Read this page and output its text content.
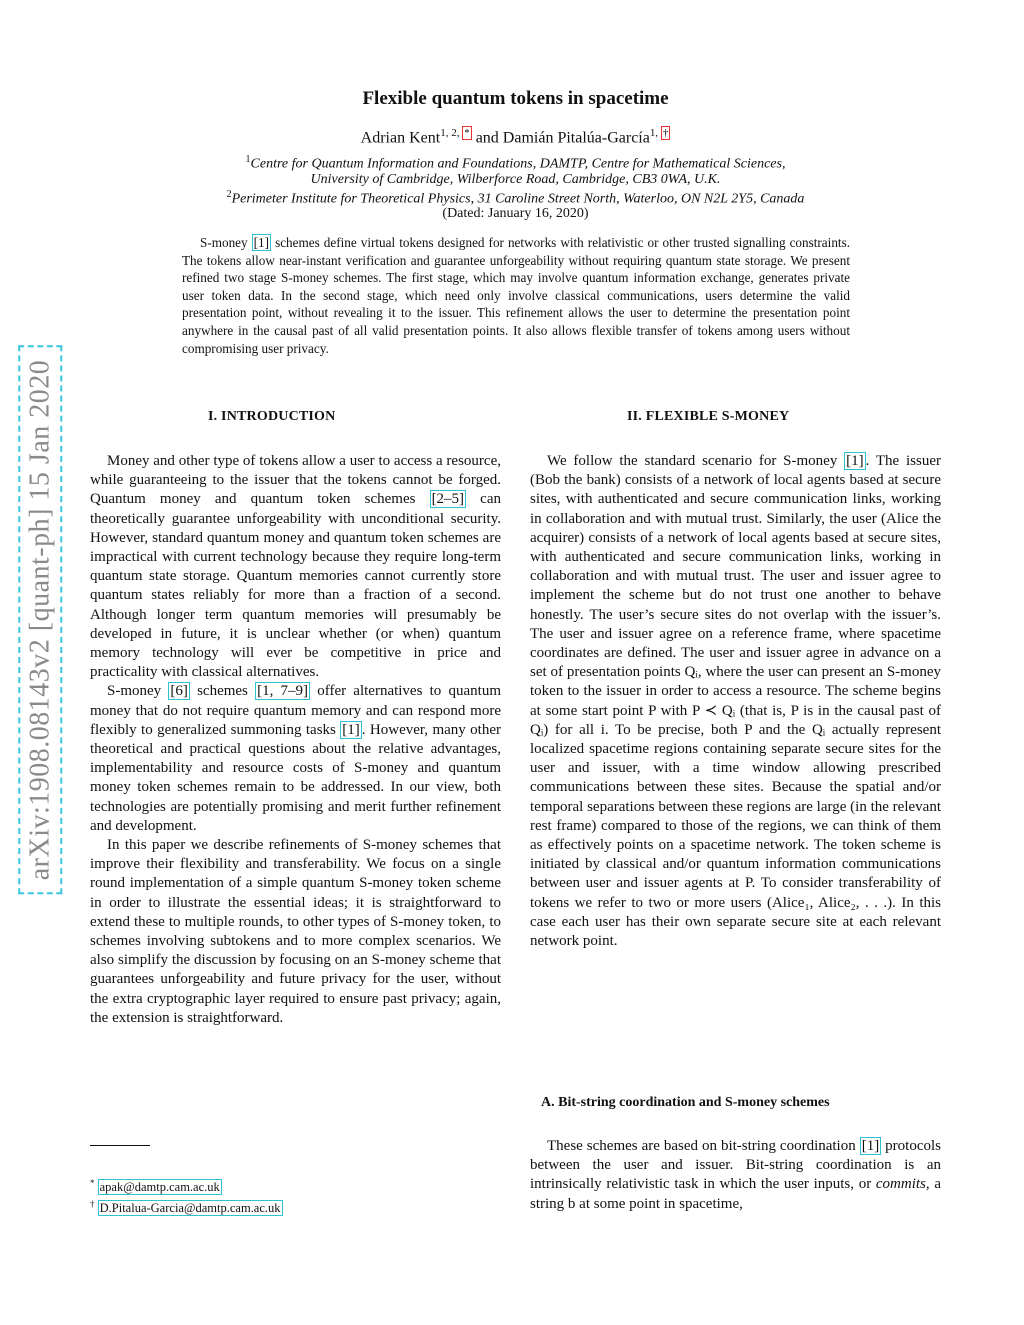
arXiv:1908.08143v2 [quant-ph] 15 Jan 2020
Flexible quantum tokens in spacetime
Adrian Kent$^{1, 2, *}$ and Damián Pitalúa-García$^{1, \dagger}$
$^1$Centre for Quantum Information and Foundations, DAMTP, Centre for Mathematical Sciences,
University of Cambridge, Wilberforce Road, Cambridge, CB3 0WA, U.K.
$^2$Perimeter Institute for Theoretical Physics, 31 Caroline Street North, Waterloo, ON N2L 2Y5, Canada
(Dated: January 16, 2020)
S-money [1] schemes define virtual tokens designed for networks with relativistic or other trusted signalling constraints. The tokens allow near-instant verification and guarantee unforgeability without requiring quantum state storage. We present refined two stage S-money schemes. The first stage, which may involve quantum information exchange, generates private user token data. In the second stage, which need only involve classical communications, users determine the valid presentation point, without revealing it to the issuer. This refinement allows the user to determine the presentation point anywhere in the causal past of all valid presentation points. It also allows flexible transfer of tokens among users without compromising user privacy.
I. INTRODUCTION	II. FLEXIBLE S-MONEY

Money and other type of tokens allow a user to access a resource, while guaranteeing to the issuer that the tokens cannot be forged. Quantum money and quantum token schemes [2–5] can theoretically guarantee unforgeability with unconditional security. However, standard quantum money and quantum token schemes are impractical with current technology because they require long-term quantum state storage. Quantum memories cannot currently store quantum states reliably for more than a fraction of a second. Although longer term quantum memories will presumably be developed in future, it is unclear whether (or when) quantum memory technology will ever be competitive in price and practicality with classical alternatives.

S-money [6] schemes [1, 7–9] offer alternatives to quantum money that do not require quantum memory and can respond more flexibly to generalized summoning tasks [1] . However, many other theoretical and practical questions about the relative advantages, implementability and resource costs of S-money and quantum money token schemes remain to be addressed. In our view, both technologies are potentially promising and merit further refinement and development.

In this paper we describe refinements of S-money schemes that improve their flexibility and transferability. We focus on a single round implementation of a simple quantum S-money token scheme in order to illustrate the essential ideas; it is straightforward to extend these to multiple rounds, to other types of S-money token, to schemes involving subtokens and to more complex scenarios. We also simplify the discussion by focusing on an S-money scheme that guarantees unforgeability and future privacy for the user, without the extra cryptographic layer required to ensure past privacy; again, the extension is straightforward.

We follow the standard scenario for S-money [1] . The issuer (Bob the bank) consists of a network of local agents based at secure sites, with authenticated and secure communication links, working in collaboration and with mutual trust. Similarly, the user (Alice the acquirer) consists of a network of local agents based at secure sites, with authenticated and secure communication links, working in collaboration and with mutual trust. The user and issuer agree to implement the scheme but do not trust one another to behave honestly. The user’s secure sites do not overlap with the issuer’s. The user and issuer agree on a reference frame, where spacetime coordinates are defined. The user and issuer agree in advance on a set of presentation points Qᵢ, where the user can present an S-money token to the issuer in order to access a resource. The scheme begins at some start point P with P ≺ Qᵢ (that is, P is in the causal past of Qᵢ) for all i. To be precise, both P and the Qᵢ actually represent localized spacetime regions containing separate secure sites for the user and issuer, with a time window allowing prescribed communications between these sites. Because the spatial and/or temporal separations between these regions are large (in the relevant rest frame) compared to those of the regions, we can think of them as effectively points on a spacetime network. The token scheme is initiated by classical and/or quantum information communications between user and issuer agents at P. To consider transferability of tokens we refer to two or more users (Alice₁, Alice₂, . . .). In this case each user has their own separate secure site at each relevant network point.

A. Bit-string coordination and S-money schemes

These schemes are based on bit-string coordination [1] protocols between the user and issuer. Bit-string coordination is an intrinsically relativistic task in which the user inputs, or commits, a string b at some point in spacetime,

* apak@damtp.cam.ac.uk
† D.Pitalua-Garcia@damtp.cam.ac.uk
